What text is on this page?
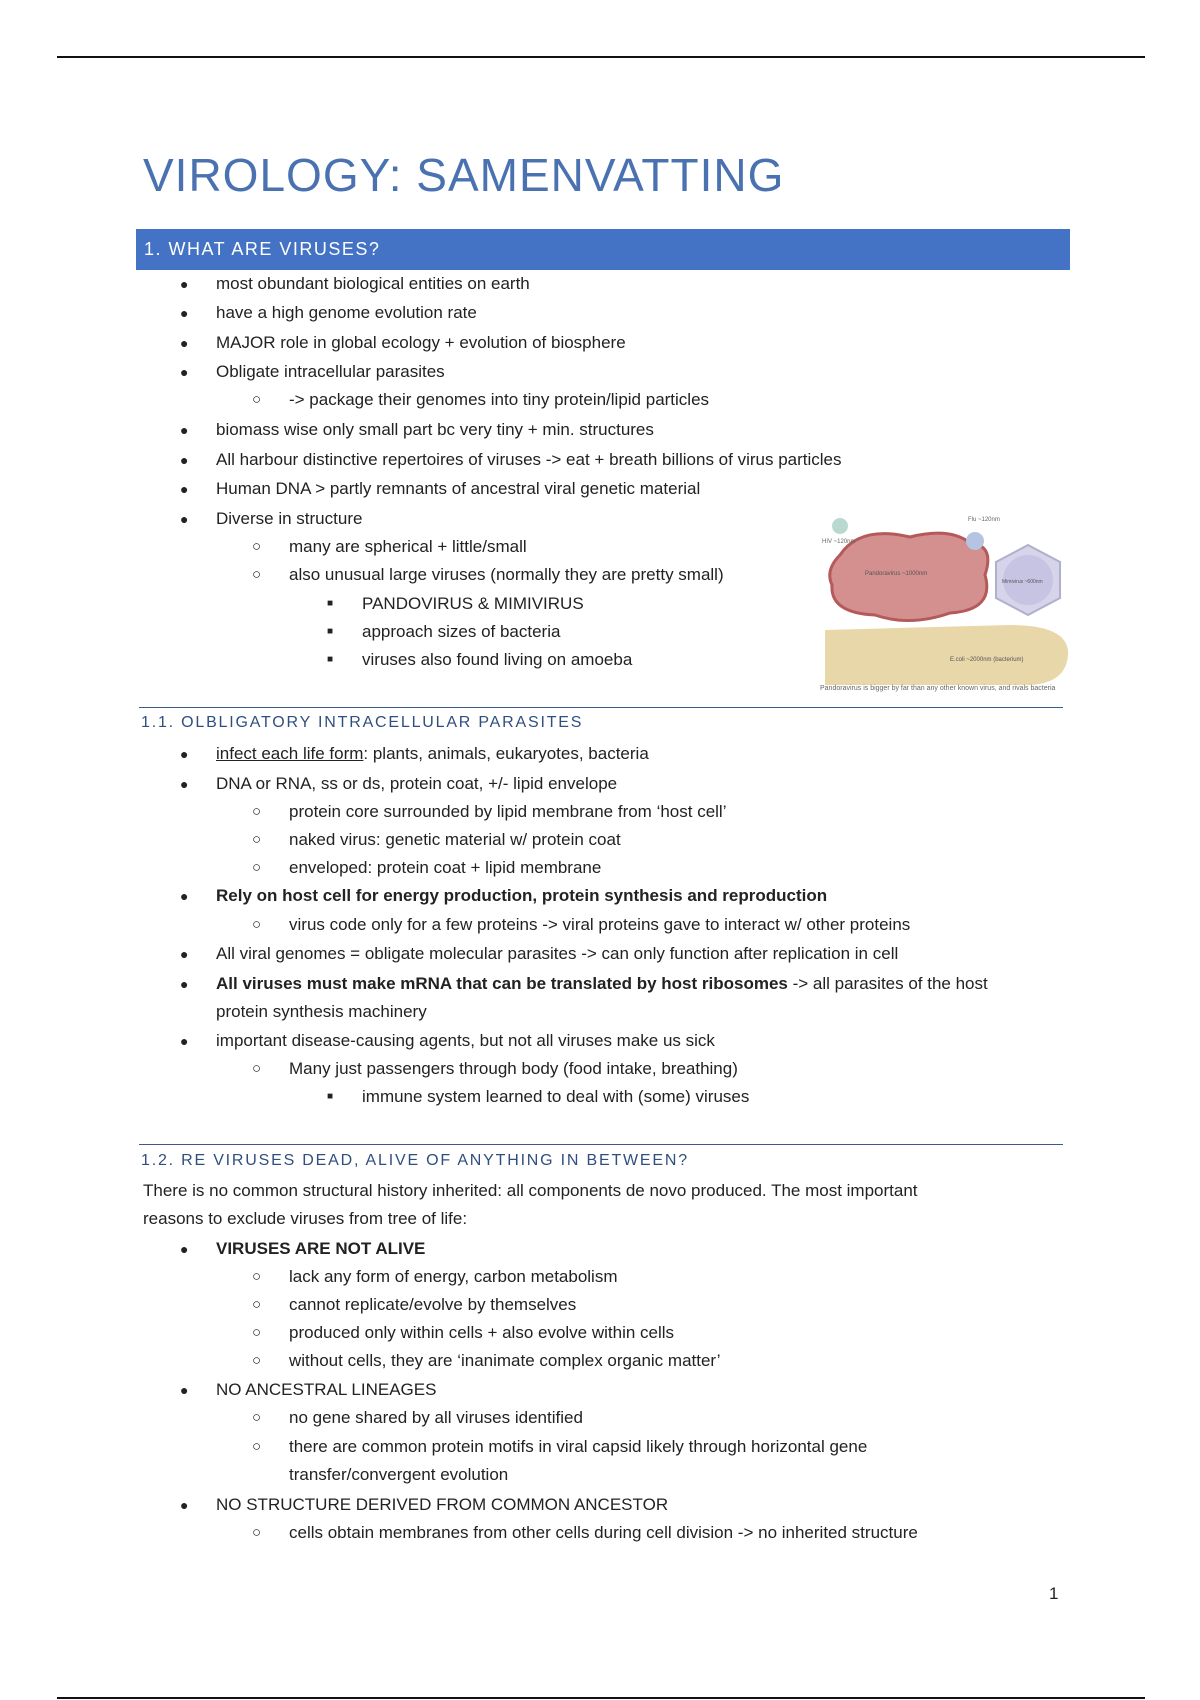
VIROLOGY: SAMENVATTING
1. WHAT ARE VIRUSES?
● most obundant biological entities on earth
● have a high genome evolution rate
● MAJOR role in global ecology + evolution of biosphere
● Obligate intracellular parasites
○ -> package their genomes into tiny protein/lipid particles
● biomass wise only small part bc very tiny + min. structures
● All harbour distinctive repertoires of viruses -> eat + breath billions of virus particles
● Human DNA > partly remnants of ancestral viral genetic material
● Diverse in structure
○ many are spherical + little/small
○ also unusual large viruses (normally they are pretty small)
■ PANDOVIRUS & MIMIVIRUS
■ approach sizes of bacteria
■ viruses also found living on amoeba
HIV ~120nm
Flu ~120nm
Pandoravirus ~1000nm
Mimivirus ~600nm
E.coli ~2000nm (bacterium)
Pandoravirus is bigger by far than any other known virus, and rivals bacteria
1.1. OLBLIGATORY INTRACELLULAR PARASITES
● infect each life form: plants, animals, eukaryotes, bacteria
● DNA or RNA, ss or ds, protein coat, +/- lipid envelope
○ protein core surrounded by lipid membrane from ‘host cell’
○ naked virus: genetic material w/ protein coat
○ enveloped: protein coat + lipid membrane
● Rely on host cell for energy production, protein synthesis and reproduction
○ virus code only for a few proteins -> viral proteins gave to interact w/ other proteins
● All viral genomes = obligate molecular parasites -> can only function after replication in cell
● All viruses must make mRNA that can be translated by host ribosomes -> all parasites of the host
protein synthesis machinery
● important disease-causing agents, but not all viruses make us sick
○ Many just passengers through body (food intake, breathing)
■ immune system learned to deal with (some) viruses
1.2. RE VIRUSES DEAD, ALIVE OF ANYTHING IN BETWEEN?
There is no common structural history inherited: all components de novo produced. The most important
reasons to exclude viruses from tree of life:
● VIRUSES ARE NOT ALIVE
○ lack any form of energy, carbon metabolism
○ cannot replicate/evolve by themselves
○ produced only within cells + also evolve within cells
○ without cells, they are ‘inanimate complex organic matter’
● NO ANCESTRAL LINEAGES
○ no gene shared by all viruses identified
○ there are common protein motifs in viral capsid likely through horizontal gene
transfer/convergent evolution
● NO STRUCTURE DERIVED FROM COMMON ANCESTOR
○ cells obtain membranes from other cells during cell division -> no inherited structure
1
